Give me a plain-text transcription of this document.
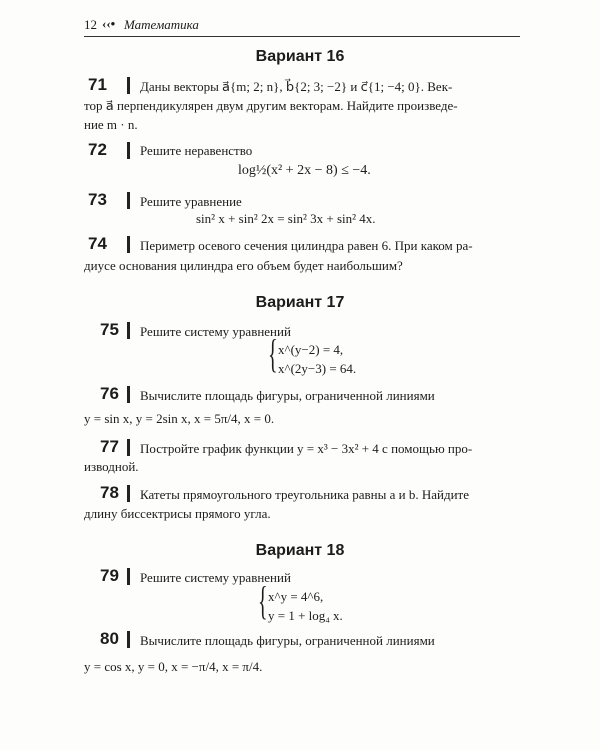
12 ‹‹• Математика
Вариант 16
71	Даны векторы a⃗{m; 2; n}, b⃗{2; 3; −2} и c⃗{1; −4; 0}. Век-
тор a⃗ перпендикулярен двум другим векторам. Найдите произведе-
ние m · n.
72	Решите неравенство
log½(x² + 2x − 8) ≤ −4.
73	Решите уравнение
sin² x + sin² 2x = sin² 3x + sin² 4x.
74	Периметр осевого сечения цилиндра равен 6. При каком ра-
диусе основания цилиндра его объем будет наибольшим?
Вариант 17
75 Решите систему уравнений
{ x^(y−2) = 4,
x^(2y−3) = 64.
76 Вычислите площадь фигуры, ограниченной линиями
y = sin x, y = 2sin x, x = 5π/4, x = 0.
77 Постройте график функции y = x³ − 3x² + 4 с помощью про-
изводной.
78 Катеты прямоугольного треугольника равны a и b. Найдите
длину биссектрисы прямого угла.
Вариант 18
79 Решите систему уравнений
{ x^y = 4^6,
y = 1 + log₄ x.
80 Вычислите площадь фигуры, ограниченной линиями
y = cos x, y = 0, x = −π/4, x = π/4.
